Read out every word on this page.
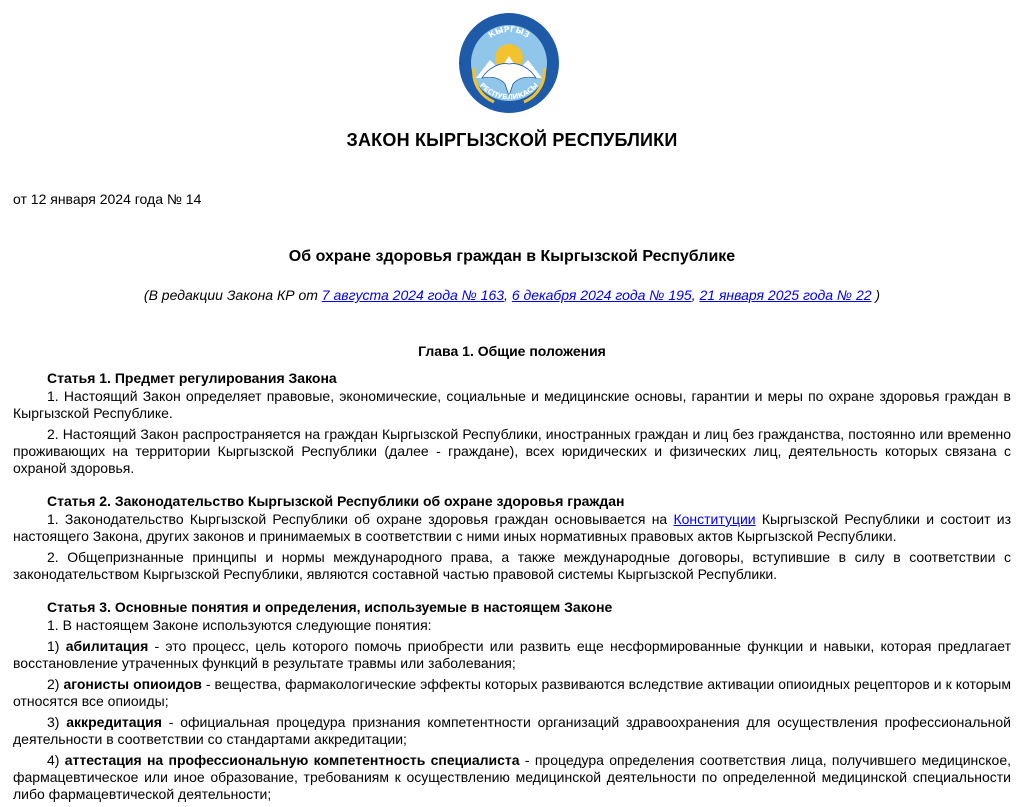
КЫРГЫЗ
РЕСПУБЛИКАСЫ
ЗАКОН КЫРГЫЗСКОЙ РЕСПУБЛИКИ
от 12 января 2024 года № 14
Об охране здоровья граждан в Кыргызской Республике
(В редакции Закона КР от 7 августа 2024 года № 163, 6 декабря 2024 года № 195, 21 января 2025 года № 22 )
Глава 1. Общие положения
Статья 1. Предмет регулирования Закона

1. Настоящий Закон определяет правовые, экономические, социальные и медицинские основы, гарантии и меры по охране здоровья граждан в Кыргызской Республике.

2. Настоящий Закон распространяется на граждан Кыргызской Республики, иностранных граждан и лиц без гражданства, постоянно или временно проживающих на территории Кыргызской Республики (далее - граждане), всех юридических и физических лиц, деятельность которых связана с охраной здоровья.

Статья 2. Законодательство Кыргызской Республики об охране здоровья граждан

1. Законодательство Кыргызской Республики об охране здоровья граждан основывается на Конституции Кыргызской Республики и состоит из настоящего Закона, других законов и принимаемых в соответствии с ними иных нормативных правовых актов Кыргызской Республики.

2. Общепризнанные принципы и нормы международного права, а также международные договоры, вступившие в силу в соответствии с законодательством Кыргызской Республики, являются составной частью правовой системы Кыргызской Республики.

Статья 3. Основные понятия и определения, используемые в настоящем Законе

1. В настоящем Законе используются следующие понятия:

1) абилитация - это процесс, цель которого помочь приобрести или развить еще несформированные функции и навыки, которая предлагает восстановление утраченных функций в результате травмы или заболевания;

2) агонисты опиоидов - вещества, фармакологические эффекты которых развиваются вследствие активации опиоидных рецепторов и к которым относятся все опиоиды;

3) аккредитация - официальная процедура признания компетентности организаций здравоохранения для осуществления профессиональной деятельности в соответствии со стандартами аккредитации;

4) аттестация на профессиональную компетентность специалиста - процедура определения соответствия лица, получившего медицинское, фармацевтическое или иное образование, требованиям к осуществлению медицинской деятельности по определенной медицинской специальности либо фармацевтической деятельности;
